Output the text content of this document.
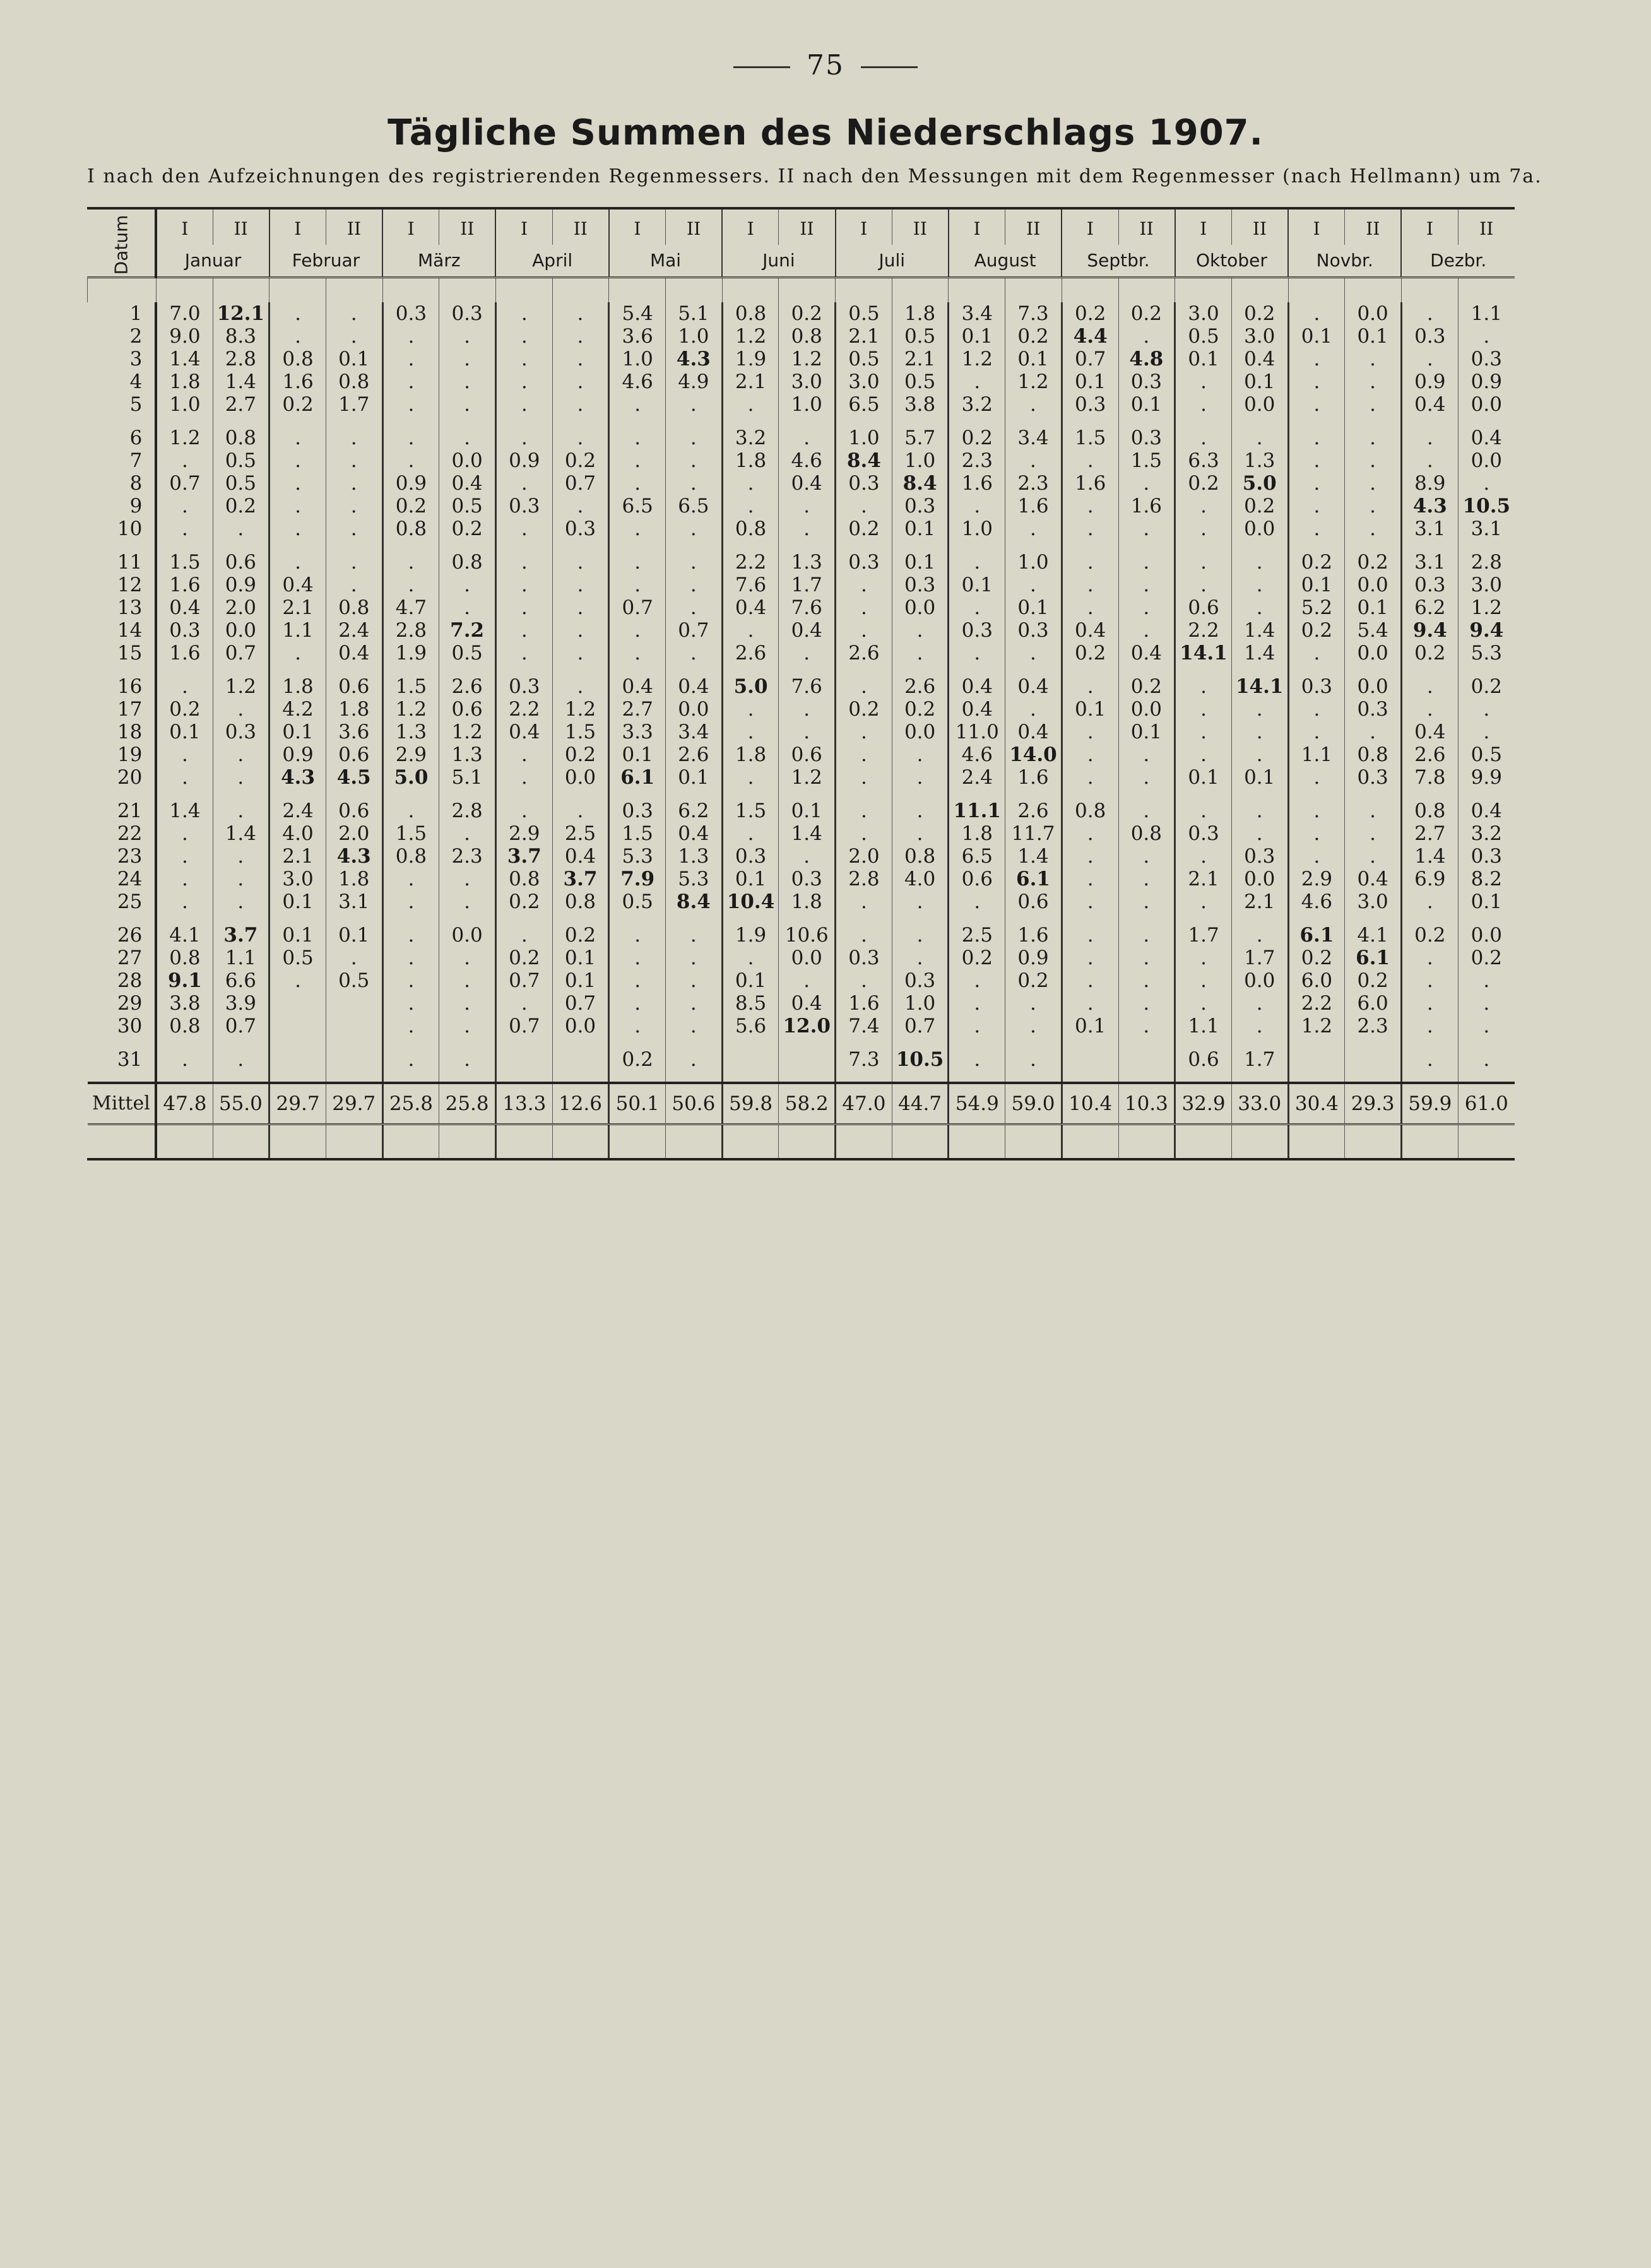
75
Tägliche Summen des Niederschlags 1907.
I nach den Aufzeichnungen des registrierenden Regenmessers. II nach den Messungen mit dem Regenmesser (nach Hellmann) um 7a.
Datum	I	II	I	II	I	II	I	II	I	II	I	II	I	II	I	II	I	II	I	II	I	II	I	II
	Januar		Februar		März		April		Mai		Juni		Juli		August		Septbr.		Oktober		Novbr.		Dezbr.	

1	7.0	12.1	.	.	0.3	0.3	.	.	5.4	5.1	0.8	0.2	0.5	1.8	3.4	7.3	0.2	0.2	3.0	0.2	.	0.0	.	1.1
2	9.0	8.3	.	.	.	.	.	.	3.6	1.0	1.2	0.8	2.1	0.5	0.1	0.2	4.4	.	0.5	3.0	0.1	0.1	0.3	.
3	1.4	2.8	0.8	0.1	.	.	.	.	1.0	4.3	1.9	1.2	0.5	2.1	1.2	0.1	0.7	4.8	0.1	0.4	.	.	.	0.3
4	1.8	1.4	1.6	0.8	.	.	.	.	4.6	4.9	2.1	3.0	3.0	0.5	.	1.2	0.1	0.3	.	0.1	.	.	0.9	0.9
5	1.0	2.7	0.2	1.7	.	.	.	.	.	.	.	1.0	6.5	3.8	3.2	.	0.3	0.1	.	0.0	.	.	0.4	0.0

6	1.2	0.8	.	.	.	.	.	.	.	.	3.2	.	1.0	5.7	0.2	3.4	1.5	0.3	.	.	.	.	.	0.4
7	.	0.5	.	.	.	0.0	0.9	0.2	.	.	1.8	4.6	8.4	1.0	2.3	.	.	1.5	6.3	1.3	.	.	.	0.0
8	0.7	0.5	.	.	0.9	0.4	.	0.7	.	.	.	0.4	0.3	8.4	1.6	2.3	1.6	.	0.2	5.0	.	.	8.9	.
9	.	0.2	.	.	0.2	0.5	0.3	.	6.5	6.5	.	.	.	0.3	.	1.6	.	1.6	.	0.2	.	.	4.3	10.5
10	.	.	.	.	0.8	0.2	.	0.3	.	.	0.8	.	0.2	0.1	1.0	.	.	.	.	0.0	.	.	3.1	3.1

11	1.5	0.6	.	.	.	0.8	.	.	.	.	2.2	1.3	0.3	0.1	.	1.0	.	.	.	.	0.2	0.2	3.1	2.8
12	1.6	0.9	0.4	.	.	.	.	.	.	.	7.6	1.7	.	0.3	0.1	.	.	.	.	.	0.1	0.0	0.3	3.0
13	0.4	2.0	2.1	0.8	4.7	.	.	.	0.7	.	0.4	7.6	.	0.0	.	0.1	.	.	0.6	.	5.2	0.1	6.2	1.2
14	0.3	0.0	1.1	2.4	2.8	7.2	.	.	.	0.7	.	0.4	.	.	0.3	0.3	0.4	.	2.2	1.4	0.2	5.4	9.4	9.4
15	1.6	0.7	.	0.4	1.9	0.5	.	.	.	.	2.6	.	2.6	.	.	.	0.2	0.4	14.1	1.4	.	0.0	0.2	5.3

16	.	1.2	1.8	0.6	1.5	2.6	0.3	.	0.4	0.4	5.0	7.6	.	2.6	0.4	0.4	.	0.2	.	14.1	0.3	0.0	.	0.2
17	0.2	.	4.2	1.8	1.2	0.6	2.2	1.2	2.7	0.0	.	.	0.2	0.2	0.4	.	0.1	0.0	.	.	.	0.3	.	.
18	0.1	0.3	0.1	3.6	1.3	1.2	0.4	1.5	3.3	3.4	.	.	.	0.0	11.0	0.4	.	0.1	.	.	.	.	0.4	.
19	.	.	0.9	0.6	2.9	1.3	.	0.2	0.1	2.6	1.8	0.6	.	.	4.6	14.0	.	.	.	.	1.1	0.8	2.6	0.5
20	.	.	4.3	4.5	5.0	5.1	.	0.0	6.1	0.1	.	1.2	.	.	2.4	1.6	.	.	0.1	0.1	.	0.3	7.8	9.9

21	1.4	.	2.4	0.6	.	2.8	.	.	0.3	6.2	1.5	0.1	.	.	11.1	2.6	0.8	.	.	.	.	.	0.8	0.4
22	.	1.4	4.0	2.0	1.5	.	2.9	2.5	1.5	0.4	.	1.4	.	.	1.8	11.7	.	0.8	0.3	.	.	.	2.7	3.2
23	.	.	2.1	4.3	0.8	2.3	3.7	0.4	5.3	1.3	0.3	.	2.0	0.8	6.5	1.4	.	.	.	0.3	.	.	1.4	0.3
24	.	.	3.0	1.8	.	.	0.8	3.7	7.9	5.3	0.1	0.3	2.8	4.0	0.6	6.1	.	.	2.1	0.0	2.9	0.4	6.9	8.2
25	.	.	0.1	3.1	.	.	0.2	0.8	0.5	8.4	10.4	1.8	.	.	.	0.6	.	.	.	2.1	4.6	3.0	.	0.1

26	4.1	3.7	0.1	0.1	.	0.0	.	0.2	.	.	1.9	10.6	.	.	2.5	1.6	.	.	1.7	.	6.1	4.1	0.2	0.0
27	0.8	1.1	0.5	.	.	.	0.2	0.1	.	.	.	0.0	0.3	.	0.2	0.9	.	.	.	1.7	0.2	6.1	.	0.2
28	9.1	6.6	.	0.5	.	.	0.7	0.1	.	.	0.1	.	.	0.3	.	0.2	.	.	.	0.0	6.0	0.2	.	.
29	3.8	3.9			.	.	.	0.7	.	.	8.5	0.4	1.6	1.0	.	.	.	.	.	.	2.2	6.0	.	.
30	0.8	0.7			.	.	0.7	0.0	.	.	5.6	12.0	7.4	0.7	.	.	0.1	.	1.1	.	1.2	2.3	.	.

31	.	.			.	.			0.2	.			7.3	10.5	.	.			0.6	1.7			.	.

Mittel	47.8	55.0	29.7	29.7	25.8	25.8	13.3	12.6	50.1	50.6	59.8	58.2	47.0	44.7	54.9	59.0	10.4	10.3	32.9	33.0	30.4	29.3	59.9	61.0
